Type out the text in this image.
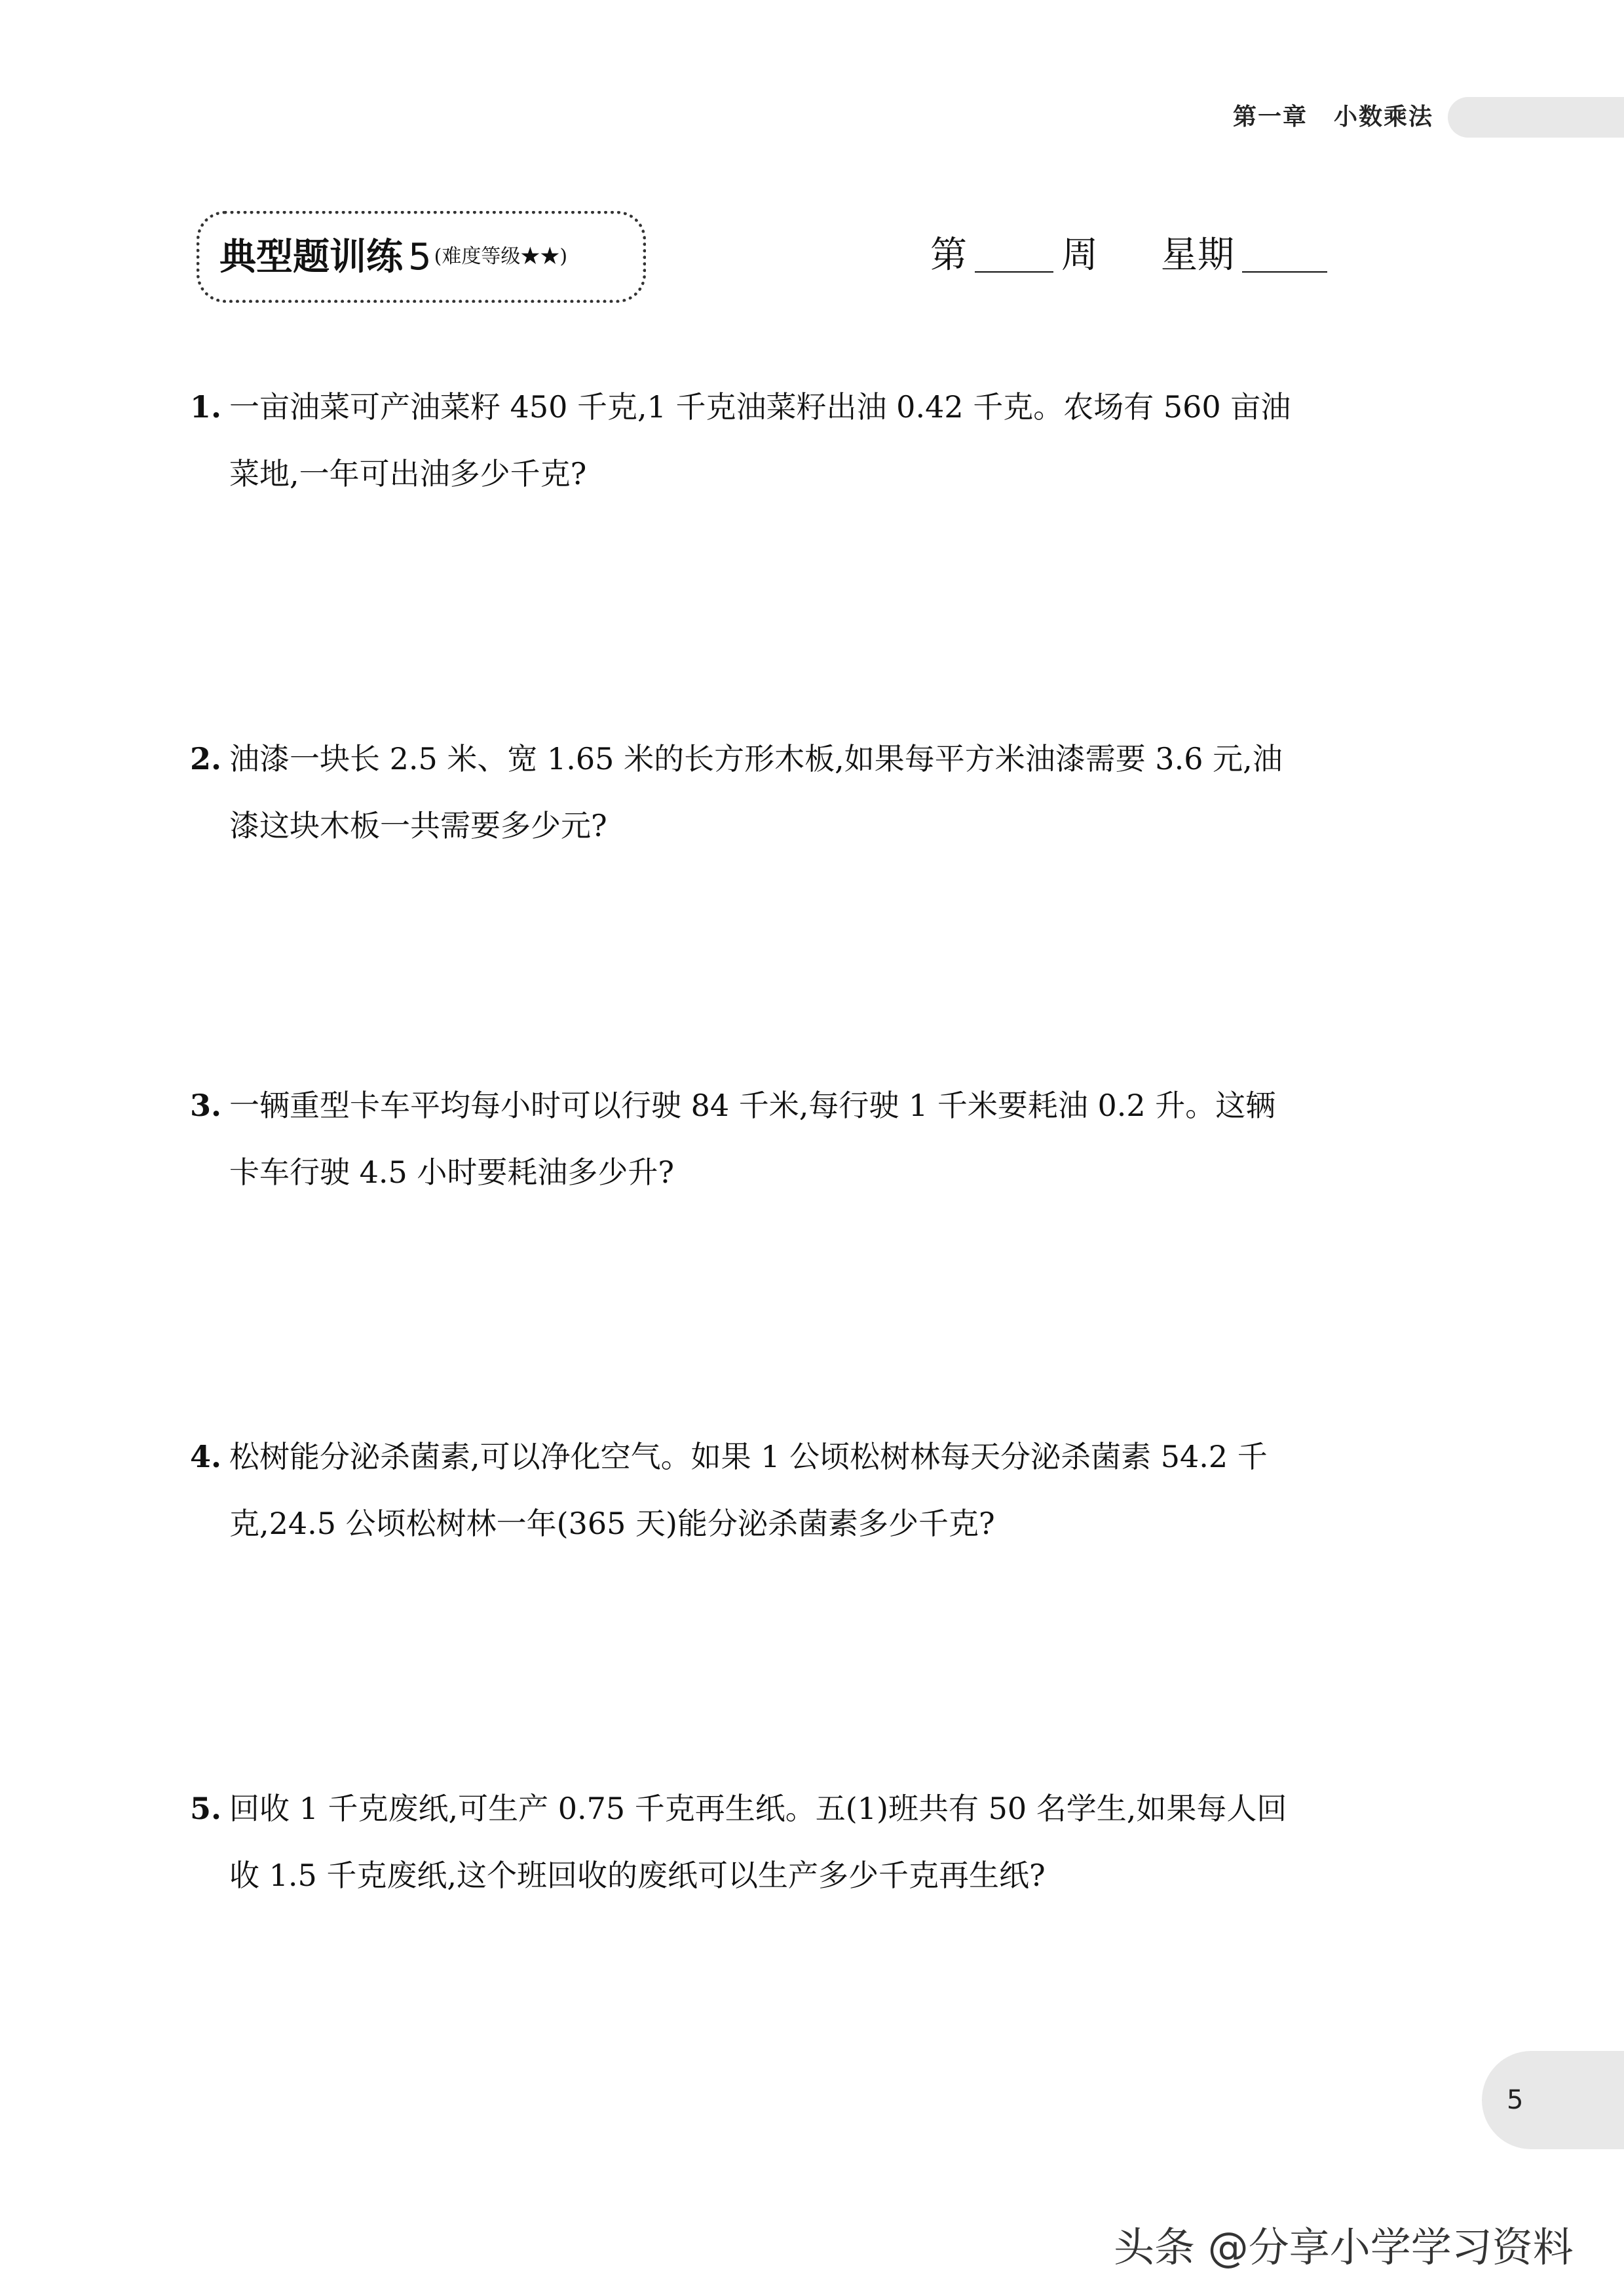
第一章 小数乘法
典型题训练 5 (难度等级★★)	第	周 星期
1. 一亩油菜可产油菜籽 450 千克,1 千克油菜籽出油 0.42 千克。农场有 560 亩油
菜地,一年可出油多少千克?
2. 油漆一块长 2.5 米、宽 1.65 米的长方形木板,如果每平方米油漆需要 3.6 元,油
漆这块木板一共需要多少元?
3. 一辆重型卡车平均每小时可以行驶 84 千米,每行驶 1 千米要耗油 0.2 升。这辆
卡车行驶 4.5 小时要耗油多少升?
4. 松树能分泌杀菌素,可以净化空气。如果 1 公顷松树林每天分泌杀菌素 54.2 千
克,24.5 公顷松树林一年(365 天)能分泌杀菌素多少千克?
5. 回收 1 千克废纸,可生产 0.75 千克再生纸。五(1)班共有 50 名学生,如果每人回
收 1.5 千克废纸,这个班回收的废纸可以生产多少千克再生纸?
5
头条 @分享小学学习资料
